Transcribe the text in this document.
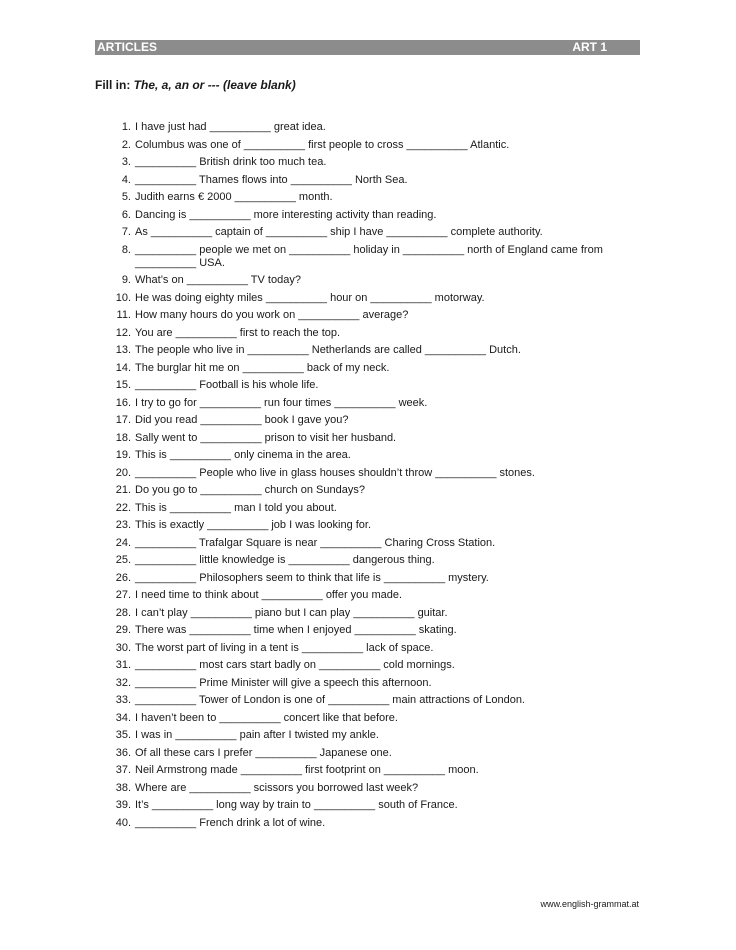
ARTICLES	ART 1
Fill in: The, a, an or --- (leave blank)
1. I have just had __________ great idea.
2. Columbus was one of __________ first people to cross __________ Atlantic.
3. __________ British drink too much tea.
4. __________ Thames flows into __________ North Sea.
5. Judith earns € 2000 __________ month.
6. Dancing is __________ more interesting activity than reading.
7. As __________ captain of __________ ship I have __________ complete authority.
8. __________ people we met on __________ holiday in __________ north of England came from __________ USA.
9. What’s on __________ TV today?
10. He was doing eighty miles __________ hour on __________ motorway.
11. How many hours do you work on __________ average?
12. You are __________ first to reach the top.
13. The people who live in __________ Netherlands are called __________ Dutch.
14. The burglar hit me on __________ back of my neck.
15. __________ Football is his whole life.
16. I try to go for __________ run four times __________ week.
17. Did you read __________ book I gave you?
18. Sally went to __________ prison to visit her husband.
19. This is __________ only cinema in the area.
20. __________ People who live in glass houses shouldn’t throw __________ stones.
21. Do you go to __________ church on Sundays?
22. This is __________ man I told you about.
23. This is exactly __________ job I was looking for.
24. __________ Trafalgar Square is near __________ Charing Cross Station.
25. __________ little knowledge is __________ dangerous thing.
26. __________ Philosophers seem to think that life is __________ mystery.
27. I need time to think about __________ offer you made.
28. I can’t play __________ piano but I can play __________ guitar.
29. There was __________ time when I enjoyed __________ skating.
30. The worst part of living in a tent is __________ lack of space.
31. __________ most cars start badly on __________ cold mornings.
32. __________ Prime Minister will give a speech this afternoon.
33. __________ Tower of London is one of __________ main attractions of London.
34. I haven’t been to __________ concert like that before.
35. I was in __________ pain after I twisted my ankle.
36. Of all these cars I prefer __________ Japanese one.
37. Neil Armstrong made __________ first footprint on __________ moon.
38. Where are __________ scissors you borrowed last week?
39. It’s __________ long way by train to __________ south of France.
40. __________ French drink a lot of wine.
www.english-grammat.at
